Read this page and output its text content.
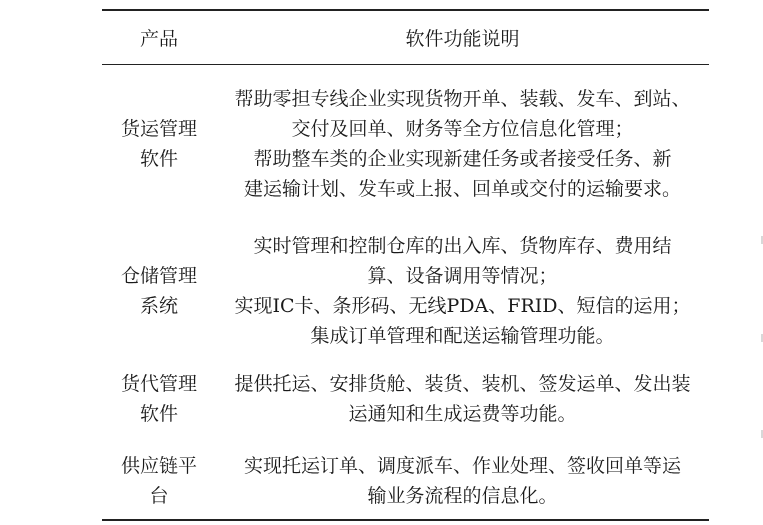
产品	软件功能说明
货运管理
软件
帮助零担专线企业实现货物开单、装载、发车、到站、
交付及回单、财务等全方位信息化管理；
帮助整车类的企业实现新建任务或者接受任务、新
建运输计划、发车或上报、回单或交付的运输要求。
仓储管理
系统
实时管理和控制仓库的出入库、货物库存、费用结
算、设备调用等情况；
实现IC卡、条形码、无线PDA、FRID、短信的运用；
集成订单管理和配送运输管理功能。
货代管理
软件
提供托运、安排货舱、装货、装机、签发运单、发出装
运通知和生成运费等功能。
供应链平
台
实现托运订单、调度派车、作业处理、签收回单等运
输业务流程的信息化。
